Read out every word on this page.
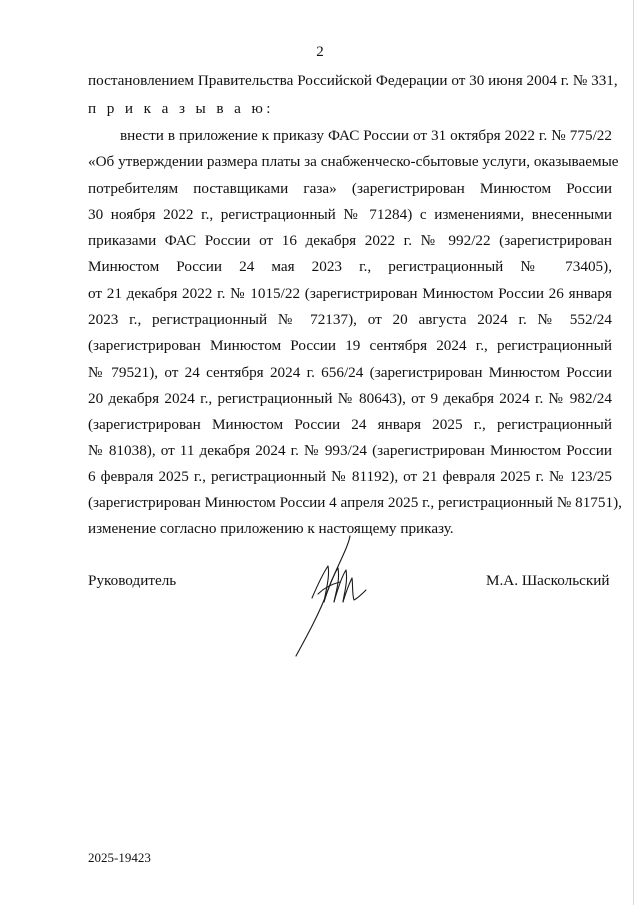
2
постановлением Правительства Российской Федерации от 30 июня 2004 г. № 331,
п р и к а з ы в а ю:
внести в приложение к приказу ФАС России от 31 октября 2022 г. № 775/22
«Об утверждении размера платы за снабженческо-сбытовые услуги, оказываемые
потребителям поставщиками газа» (зарегистрирован Минюстом России
30 ноября 2022 г., регистрационный № 71284) с изменениями, внесенными
приказами ФАС России от 16 декабря 2022 г. № 992/22 (зарегистрирован
Минюстом России 24 мая 2023 г., регистрационный № 73405),
от 21 декабря 2022 г. № 1015/22 (зарегистрирован Минюстом России 26 января
2023 г., регистрационный № 72137), от 20 августа 2024 г. № 552/24
(зарегистрирован Минюстом России 19 сентября 2024 г., регистрационный
№ 79521), от 24 сентября 2024 г. 656/24 (зарегистрирован Минюстом России
20 декабря 2024 г., регистрационный № 80643), от 9 декабря 2024 г. № 982/24
(зарегистрирован Минюстом России 24 января 2025 г., регистрационный
№ 81038), от 11 декабря 2024 г. № 993/24 (зарегистрирован Минюстом России
6 февраля 2025 г., регистрационный № 81192), от 21 февраля 2025 г. № 123/25
(зарегистрирован Минюстом России 4 апреля 2025 г., регистрационный № 81751),
изменение согласно приложению к настоящему приказу.
Руководитель	М.А. Шаскольский
2025-19423
